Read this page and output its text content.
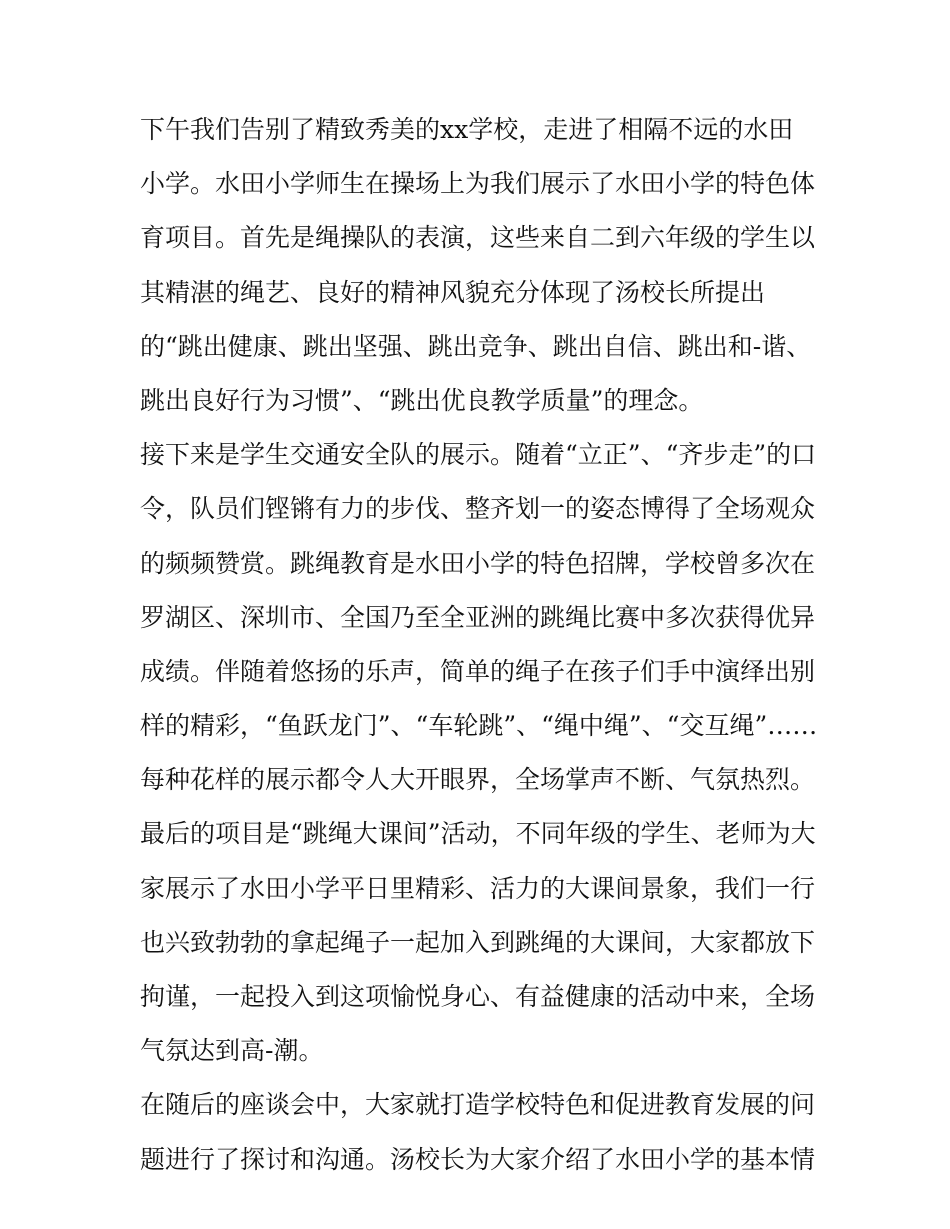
下午我们告别了精致秀美的xx学校，走进了相隔不远的水田
小学。水田小学师生在操场上为我们展示了水田小学的特色体
育项目。首先是绳操队的表演，这些来自二到六年级的学生以
其精湛的绳艺、良好的精神风貌充分体现了汤校长所提出
的“跳出健康、跳出坚强、跳出竞争、跳出自信、跳出和-谐、
跳出良好行为习惯”、“跳出优良教学质量”的理念。
接下来是学生交通安全队的展示。随着“立正”、“齐步走”的口
令，队员们铿锵有力的步伐、整齐划一的姿态博得了全场观众
的频频赞赏。跳绳教育是水田小学的特色招牌，学校曾多次在
罗湖区、深圳市、全国乃至全亚洲的跳绳比赛中多次获得优异
成绩。伴随着悠扬的乐声，简单的绳子在孩子们手中演绎出别
样的精彩，“鱼跃龙门”、“车轮跳”、“绳中绳”、“交互绳”……
每种花样的展示都令人大开眼界，全场掌声不断、气氛热烈。
最后的项目是“跳绳大课间”活动，不同年级的学生、老师为大
家展示了水田小学平日里精彩、活力的大课间景象，我们一行
也兴致勃勃的拿起绳子一起加入到跳绳的大课间，大家都放下
拘谨，一起投入到这项愉悦身心、有益健康的活动中来，全场
气氛达到高-潮。
在随后的座谈会中，大家就打造学校特色和促进教育发展的问
题进行了探讨和沟通。汤校长为大家介绍了水田小学的基本情
